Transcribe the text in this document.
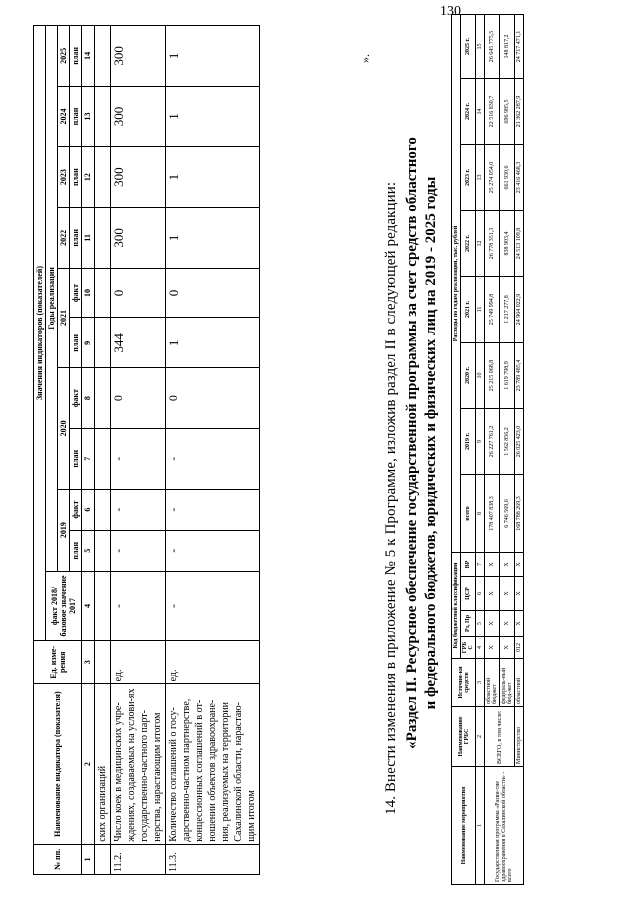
130
№ пп.	Наименование индикатора (показателя)	Ед. изме-рения	Значения индикаторов (показателей)										
			факт 2018/базовое значение 2017	Годы реализации									
				2019		2020		2021		2022	2023	2024	2025
				план	факт	план	факт	план	факт	план	план	план	план
1	2	3	4	5	6	7	8	9	10	11	12	13	14
	ских организаций												
11.2.	Число коек в медицинских учре-ждениях, создаваемых на услови-ях государственно-частного парт-нерства, нарастающим итогом	ед.	-	-	-	-	0	344	0	300	300	300	300
11.3.	Количество соглашений о госу-дарственно-частном партнерстве, концессионных соглашений в от-ношении объектов здравоохране-ния, реализуемых на территории Сахалинской области, нарастаю-щим итогом	ед.	-	-	-	-	0	1	0	1	1	1	1	».
14. Внести изменения в приложение № 5 к Программе, изложив раздел II в следующей редакции: «Раздел II. Ресурсное обеспечение государственной программы за счет средств областного и федерального бюджетов, юридических и физических лиц на 2019 - 2025 годы
Наименование мероприятия	Наименование ГРБС	Источни-ки средств	Код бюджетной классификации				Расходы по годам реализации, тыс. рублей							
			ГРБ С	Рз, Пр	ЦСР	ВР	всего	2019 г.	2020 г.	2021 г.	2022 г.	2023 г.	2024 г.	2025 г.
1	2	3	4	5	6	7	8	9	10	11	12	13	14	15
Государственная программа «Разви-тие здравоохранения в Сахалинской области» - всего	ВСЕГО, в том числе:	областной бюджет	X	X	X	X	178 407 838,3	26 227 761,2	25 215 068,8	25 749 994,8	26 778 351,3	25 274 054,0	22 516 830,7	26 645 775,5
		федераль-ный бюд-жет	X	X	X	X	6 746 569,6	1 562 856,2	1 619 798,9	1 217 277,8	838 903,4	661 930,6	696 985,5	148 817,2
	Министерство	областной	012	X	X	X	168 788 269,3	26 025 423,0	23 789 485,4	24 964 022,9	24 513 109,8	23 416 468,3	21 362 287,9	24 717 471,1
